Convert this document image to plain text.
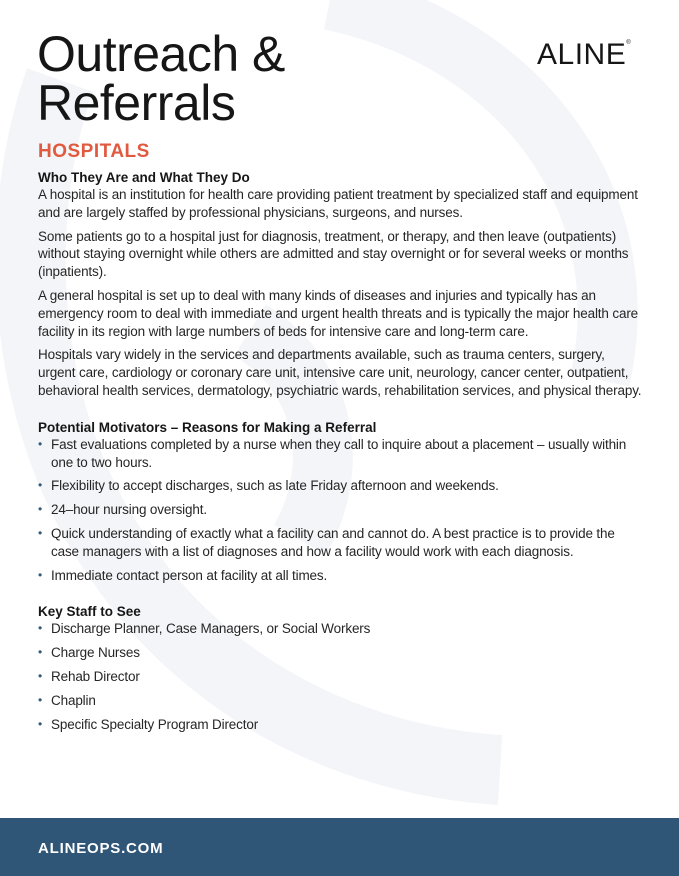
Outreach &
Referrals
ALINE®
HOSPITALS
Who They Are and What They Do

A hospital is an institution for health care providing patient treatment by specialized staff and equipment and are largely staffed by professional physicians, surgeons, and nurses.

Some patients go to a hospital just for diagnosis, treatment, or therapy, and then leave (outpatients) without staying overnight while others are admitted and stay overnight or for several weeks or months (inpatients).

A general hospital is set up to deal with many kinds of diseases and injuries and typically has an emergency room to deal with immediate and urgent health threats and is typically the major health care facility in its region with large numbers of beds for intensive care and long-term care.

Hospitals vary widely in the services and departments available, such as trauma centers, surgery, urgent care, cardiology or coronary care unit, intensive care unit, neurology, cancer center, outpatient, behavioral health services, dermatology, psychiatric wards, rehabilitation services, and physical therapy.

Potential Motivators – Reasons for Making a Referral
• Fast evaluations completed by a nurse when they call to inquire about a placement – usually within one to two hours.
• Flexibility to accept discharges, such as late Friday afternoon and weekends.
• 24–hour nursing oversight.
• Quick understanding of exactly what a facility can and cannot do. A best practice is to provide the case managers with a list of diagnoses and how a facility would work with each diagnosis.
• Immediate contact person at facility at all times.
Key Staff to See
• Discharge Planner, Case Managers, or Social Workers
• Charge Nurses
• Rehab Director
• Chaplin
• Specific Specialty Program Director
ALINEOPS.COM
